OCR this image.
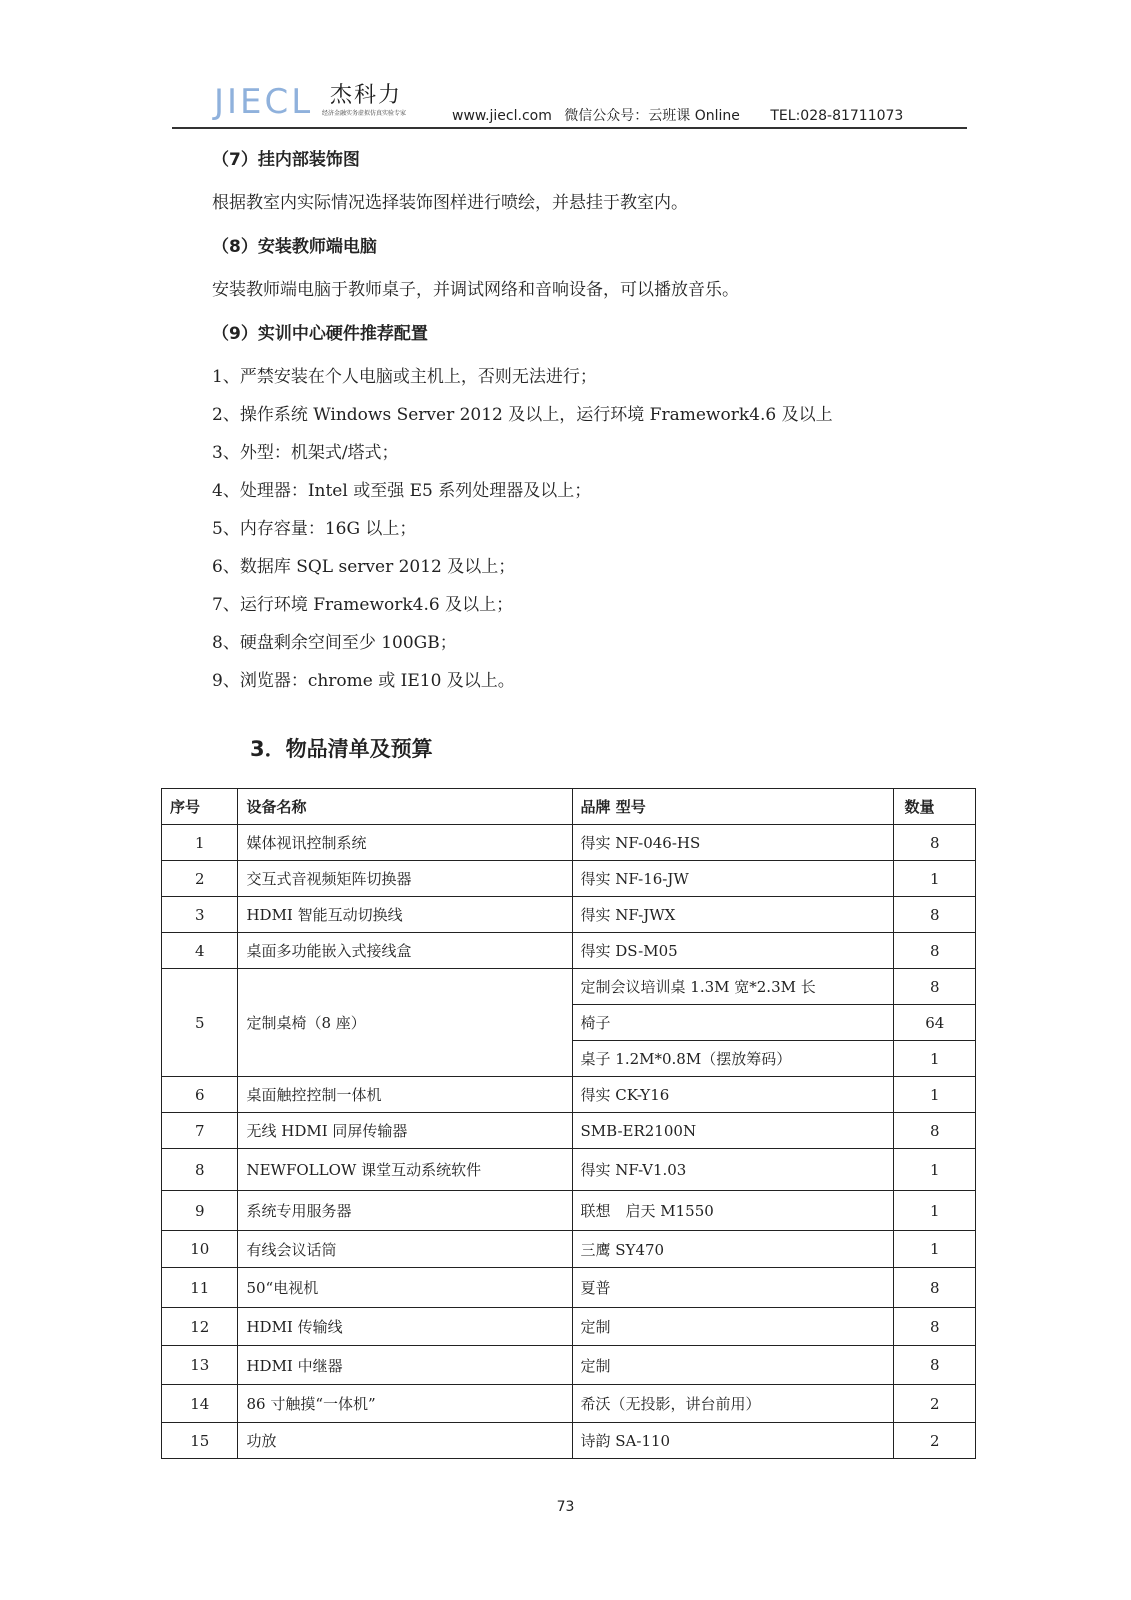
JIECL 杰科力
经济金融实务虚拟仿真实验专家	www.jiecl.com 微信公众号：云班课 Online TEL:028-81711073
（7）挂内部装饰图
根据教室内实际情况选择装饰图样进行喷绘，并悬挂于教室内。
（8）安装教师端电脑
安装教师端电脑于教师桌子，并调试网络和音响设备，可以播放音乐。
（9）实训中心硬件推荐配置
1、严禁安装在个人电脑或主机上，否则无法进行；
2、操作系统 Windows Server 2012 及以上，运行环境 Framework4.6 及以上
3、外型：机架式/塔式；
4、处理器：Intel 或至强 E5 系列处理器及以上；
5、内存容量：16G 以上；
6、数据库 SQL server 2012 及以上；
7、运行环境 Framework4.6 及以上；
8、硬盘剩余空间至少 100GB；
9、浏览器：chrome 或 IE10 及以上。
3．物品清单及预算
序号	设备名称	品牌 型号	数量
1	媒体视讯控制系统	得实 NF-046-HS	8
2	交互式音视频矩阵切换器	得实 NF-16-JW	1
3	HDMI 智能互动切换线	得实 NF-JWX	8
4	桌面多功能嵌入式接线盒	得实 DS-M05	8
5	定制桌椅（8 座）	定制会议培训桌 1.3M 宽*2.3M 长	8
		椅子	64
		桌子 1.2M*0.8M（摆放筹码）	1
6	桌面触控控制一体机	得实 CK-Y16	1
7	无线 HDMI 同屏传输器	SMB-ER2100N	8
8	NEWFOLLOW 课堂互动系统软件	得实 NF-V1.03	1
9	系统专用服务器	联想　启天 M1550	1
10	有线会议话筒	三鹰 SY470	1
11	50“电视机	夏普	8
12	HDMI 传输线	定制	8
13	HDMI 中继器	定制	8
14	86 寸触摸“一体机”	希沃（无投影，讲台前用）	2
15	功放	诗韵 SA-110	2
73
